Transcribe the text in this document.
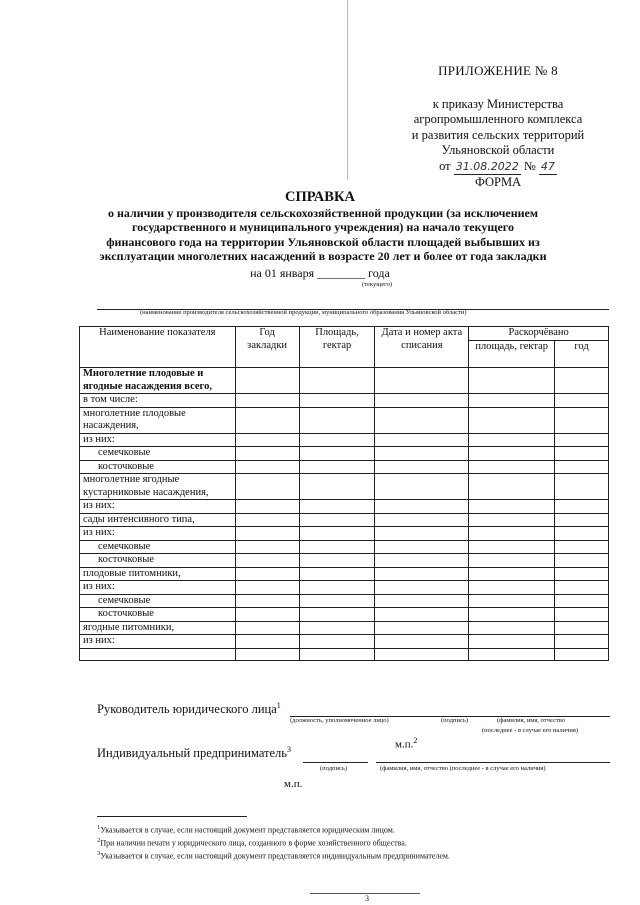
ПРИЛОЖЕНИЕ № 8
к приказу Министерства
агропромышленного комплекса
и развития сельских территорий
Ульяновской области
от 31.08.2022 № 47
ФОРМА
СПРАВКА
о наличии у производителя сельскохозяйственной продукции (за исключением государственного и муниципального учреждения) на начало текущего финансового года на территории Ульяновской области площадей выбывших из эксплуатации многолетних насаждений в возрасте 20 лет и более от года закладки
на 01 января ________ года
(текущего)
(наименование производителя сельскохозяйственной продукции, муниципального образования Ульяновской области)
Наименование показателя	Год закладки	Площадь, гектар	Дата и номер акта списания	Раскорчёвано	
				площадь, гектар	год
Многолетние плодовые и ягодные насаждения всего,					
в том числе:					
многолетние плодовые насаждения,					
из них:					
семечковые					
косточковые					
многолетние ягодные кустарниковые насаждения,					
из них:					
сады интенсивного типа,					
из них:					
семечковые					
косточковые					
плодовые питомники,					
из них:					
семечковые					
косточковые					
ягодные питомники,					
из них:					

Руководитель юридического лица$^1$
(должность, уполномоченное лицо)	(подпись)	(фамилия, имя, отчество
(последнее - в случае его наличия)
м.п.$^2$
Индивидуальный предприниматель$^3$
(подпись)	(фамилия, имя, отчество (последнее - в случае его наличия)
м.п.
$^1$Указывается в случае, если настоящий документ представляется юридическим лицом.
$^2$При наличии печати у юридического лица, созданного в форме хозяйственного общества.
$^3$Указывается в случае, если настоящий документ представляется индивидуальным предпринимателем.
3
